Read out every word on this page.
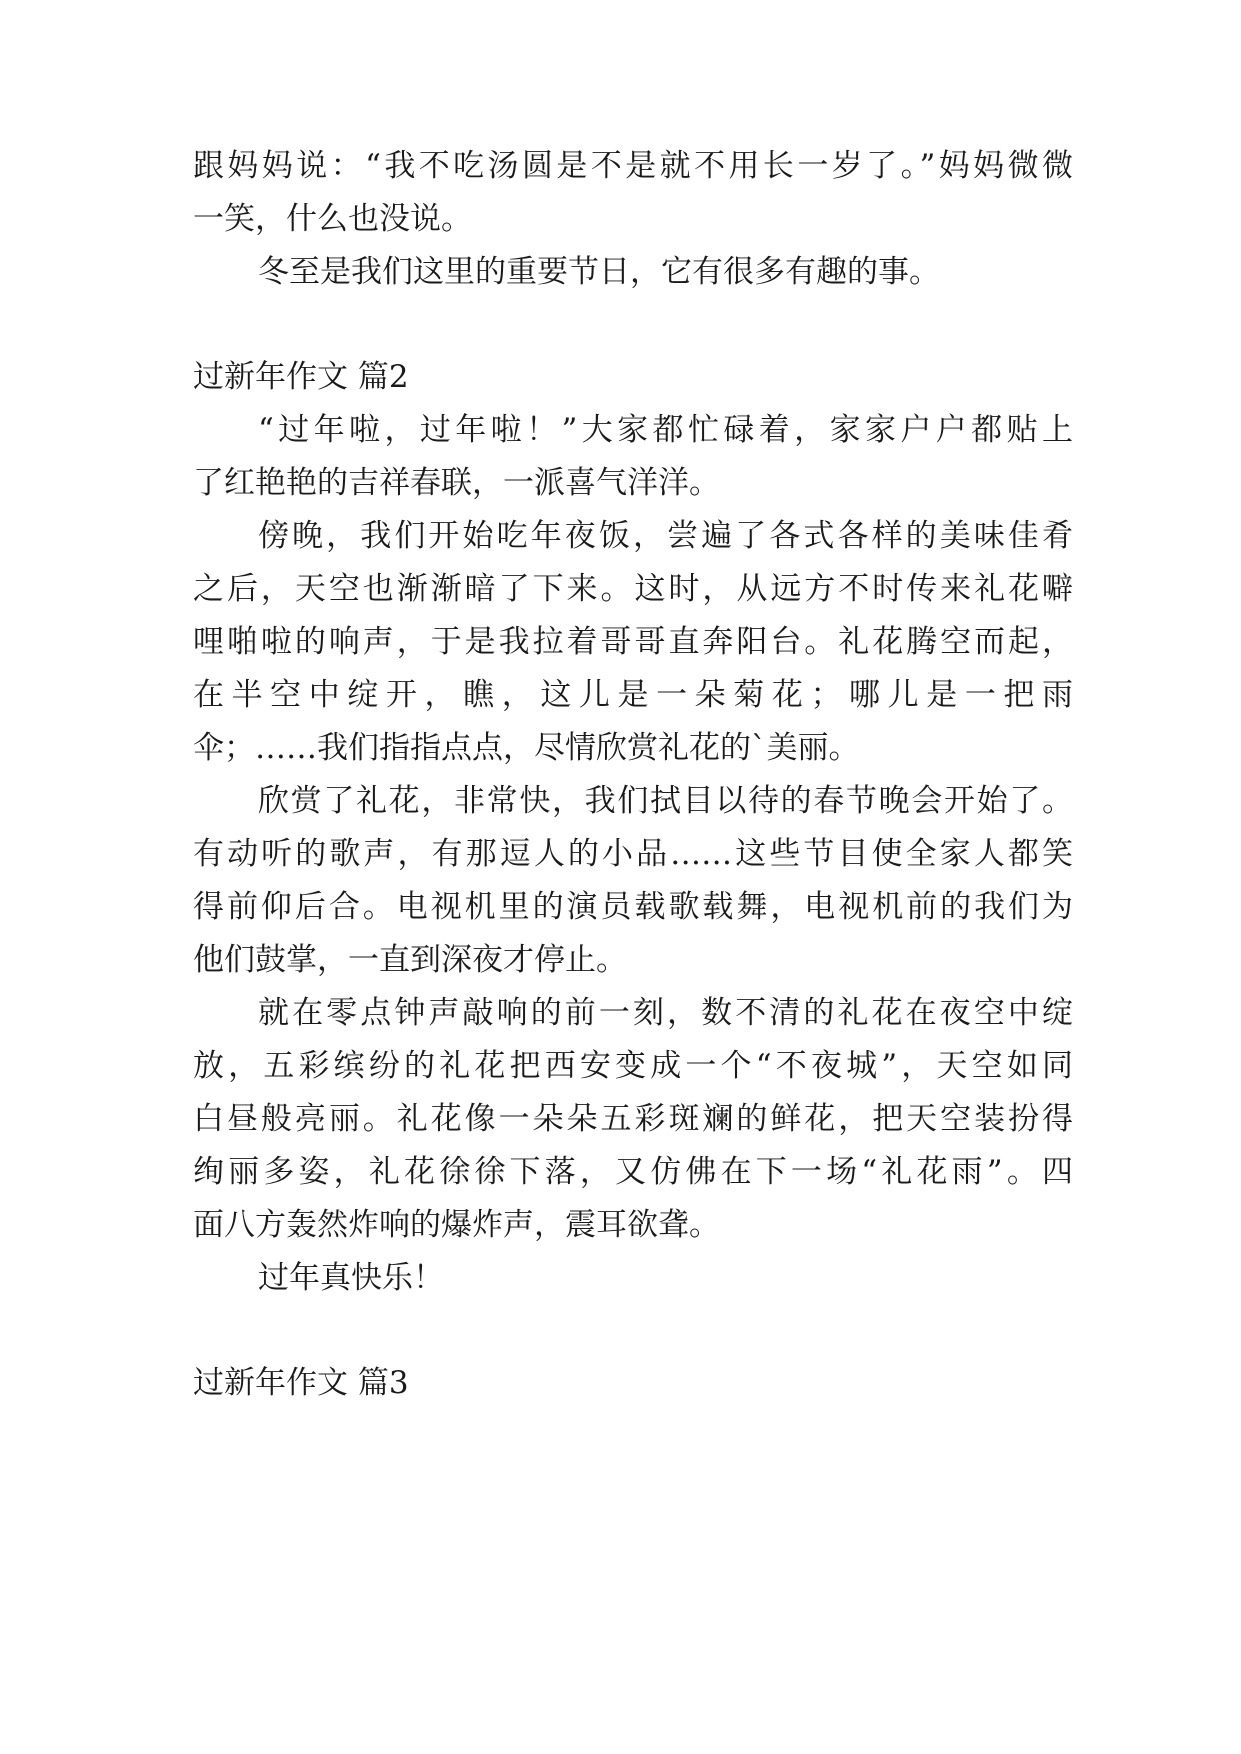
跟妈妈说：“我不吃汤圆是不是就不用长一岁了。”妈妈微微
一笑，什么也没说。
冬至是我们这里的重要节日，它有很多有趣的事。
过新年作文 篇2
“过年啦，过年啦！”大家都忙碌着，家家户户都贴上
了红艳艳的吉祥春联，一派喜气洋洋。
傍晚，我们开始吃年夜饭，尝遍了各式各样的美味佳肴
之后，天空也渐渐暗了下来。这时，从远方不时传来礼花噼
哩啪啦的响声，于是我拉着哥哥直奔阳台。礼花腾空而起，
在半空中绽开，瞧，这儿是一朵菊花；哪儿是一把雨
伞；……我们指指点点，尽情欣赏礼花的`美丽。
欣赏了礼花，非常快，我们拭目以待的春节晚会开始了。
有动听的歌声，有那逗人的小品……这些节目使全家人都笑
得前仰后合。电视机里的演员载歌载舞，电视机前的我们为
他们鼓掌，一直到深夜才停止。
就在零点钟声敲响的前一刻，数不清的礼花在夜空中绽
放，五彩缤纷的礼花把西安变成一个“不夜城”，天空如同
白昼般亮丽。礼花像一朵朵五彩斑斓的鲜花，把天空装扮得
绚丽多姿，礼花徐徐下落，又仿佛在下一场“礼花雨”。四
面八方轰然炸响的爆炸声，震耳欲聋。
过年真快乐！
过新年作文 篇3
